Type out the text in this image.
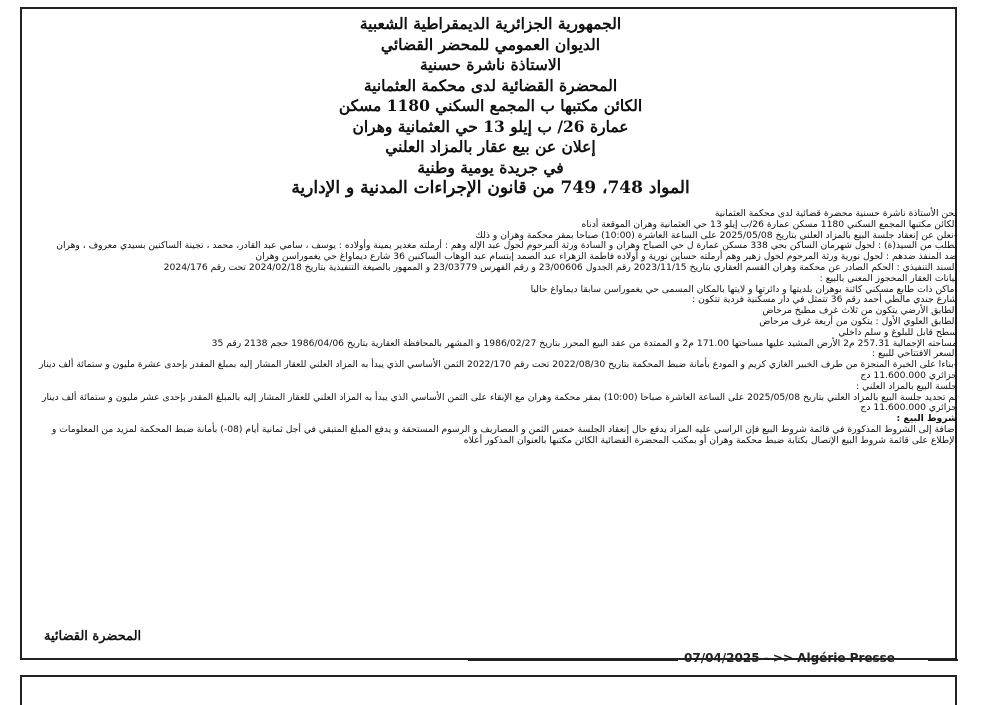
الجمهورية الجزائرية الديمقراطية الشعبية

الديوان العمومي للمحضر القضائي

الاستاذة ناشرة حسنية

المحضرة القضائية لدى محكمة العثمانية

الكائن مكتبها ب المجمع السكني 1180 مسكن

عمارة 26/ ب إيلو 13 حي العثمانية وهران

إعلان عن بيع عقار بالمزاد العلني

في جريدة يومية وطنية

المواد 748، 749 من قانون الإجراءات المدنية و الإدارية

نحن الأستاذة ناشرة حسنية محضرة قضائية لدى محكمة العثمانية

الكائن مكتبها المجمع السكني 1180 مسكن عمارة 26/ب إيلو 13 حي العثمانية وهران الموقعة أدناه

-نعلن عن إنعقاد جلسة البيع بالمزاد العلني بتاريخ 2025/05/08 على الساعة العاشرة (10:00) صباحا بمقر محكمة وهران و ذلك

بطلب من السيد(ة) : لحول شهرمان الساكن بحي 338 مسكن عمارة ل حي الصباح وهران و السادة ورثة المرحوم لحول عبد الإله وهم : أرملته مغدير يمينة وأولاده : يوسف ، سامي عبد القادر، محمد ، تجينة الساكنين بسيدي معروف ، وهران

ضد المنفذ ضدهم : لحول نورية ورثة المرحوم لحول زهير وهم أرملته حساين نورية و أولاده فاطمة الزهراء عبد الصمد إبتسام عبد الوهاب الساكنين 36 شارع ديماواغ حي يغموراسن وهران

السند التنفيذي : الحكم الصادر عن محكمة وهران القسم العقاري بتاريخ 2023/11/15 رقم الجدول 23/00606 و رقم الفهرس 23/03779 و الممهور بالصيغة التنفيذية بتاريخ 2024/02/18 تحت رقم 2024/176

بيانات العقار المحجوز المعني بالبيع :

أماكن ذات طابع مسكني كائنة بوهران بلديتها و دائرتها و لايتها بالمكان المسمى حي يغموراسن سابقا ديماواغ حاليا

شارع جندي مالطي أحمد رقم 36 تتمثل في دار مسكنية فردية تتكون :

الطابق الأرضي يتكون من ثلاث غرف مطبخ مرحاض

الطابق العلوي الأول : يتكون من أربعة غرف مرحاض

سطح قابل للبلوغ و سلم داخلي

مساحته الإجمالية 257.31 م2 الأرض المشيد عليها مساحتها 171.00 م2 و الممتدة من عقد البيع المحرر بتاريخ 1986/02/27 و المشهر بالمحافظة العقارية بتاريخ 1986/04/06 حجم 2138 رقم 35

السعر الافتتاحي للبيع :

-بناءا على الخبرة المنجزة من طرف الخبير الغازي كريم و المودع بأمانة ضبط المحكمة بتاريخ 2022/08/30 تحت رقم 2022/170 الثمن الأساسي الذي يبدأ به المزاد العلني للعقار المشار إليه بمبلغ المقدر بإحدى عشرة مليون و ستمائة ألف دينار جزائري 11.600.000 دج

جلسة البيع بالمزاد العلني :

تم تحديد جلسة البيع بالمزاد العلني بتاريخ 2025/05/08 على الساعة العاشرة صباحا (10:00) بمقر محكمة وهران مع الإبقاء على الثمن الأساسي الذي يبدأ به المزاد العلني للعقار المشار إليه بالمبلغ المقدر بإحدى عشر مليون و ستمائة ألف دينار جزائري 11.600.000 دج

شروط البيع :

إضافة إلى الشروط المذكورة في قائمة شروط البيع فإن الراسي عليه المزاد يدفع حال إنعقاد الجلسة خمس الثمن و المصاريف و الرسوم المستحقة و يدفع المبلغ المتبقي في أجل ثمانية أيام (08-) بأمانة ضبط المحكمة لمزيد من المعلومات و الإطلاع على قائمة شروط البيع الإتصال بكتابة ضبط محكمة وهران أو بمكتب المحضرة القضائية الكائن مكتبها بالعنوان المذكور أعلاه

المحضرة القضائية
07/04/2025 - >> Algérie Presse
